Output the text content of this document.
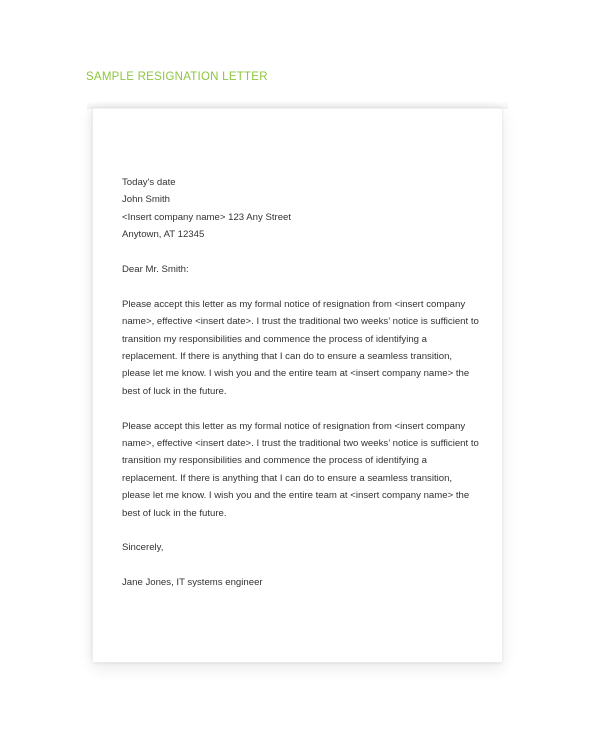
SAMPLE RESIGNATION LETTER
Today's date
John Smith
<Insert company name> 123 Any Street
Anytown, AT 12345
Dear Mr. Smith:

Please accept this letter as my formal notice of resignation from <insert company name>, effective <insert date>. I trust the traditional two weeks’ notice is sufficient to transition my responsibilities and commence the process of identifying a replacement. If there is anything that I can do to ensure a seamless transition, please let me know. I wish you and the entire team at <insert company name> the best of luck in the future.

Please accept this letter as my formal notice of resignation from <insert company name>, effective <insert date>. I trust the traditional two weeks’ notice is sufficient to transition my responsibilities and commence the process of identifying a replacement. If there is anything that I can do to ensure a seamless transition, please let me know. I wish you and the entire team at <insert company name> the best of luck in the future.

Sincerely,
Jane Jones, IT systems engineer
